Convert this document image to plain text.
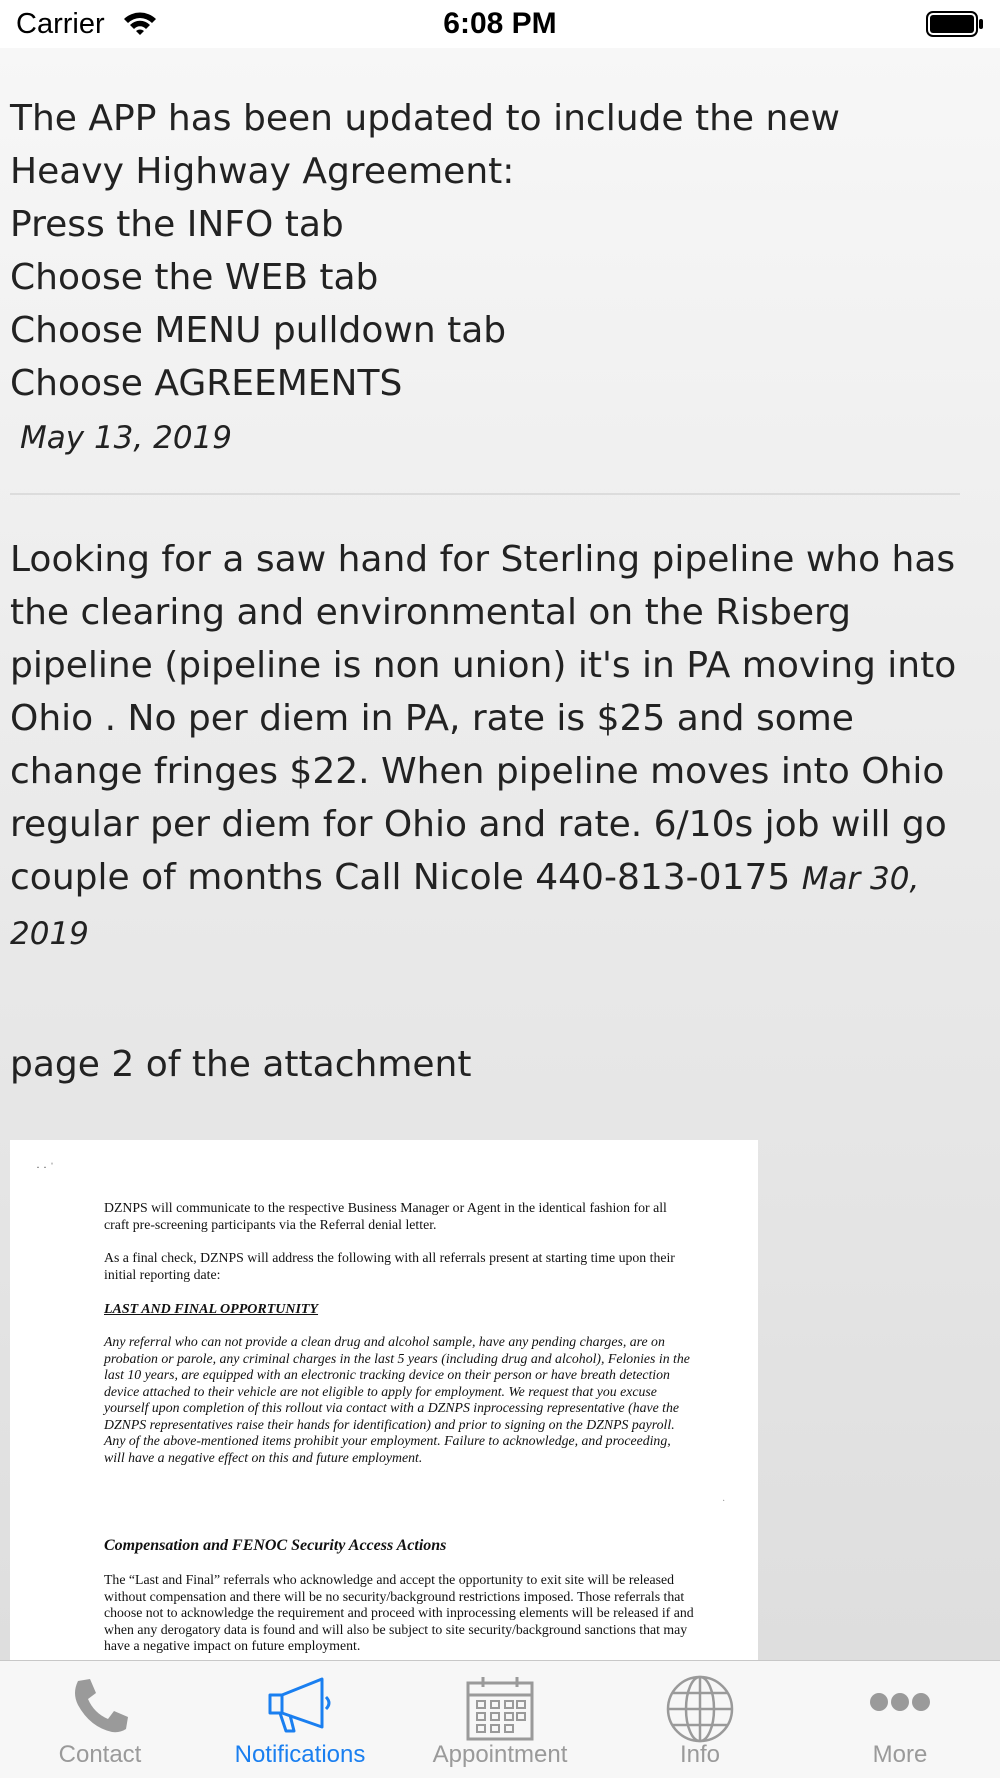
Carrier	6:08 PM
The APP has been updated to include the new
Heavy Highway Agreement:
Press the INFO tab
Choose the WEB tab
Choose MENU pulldown tab
Choose AGREEMENTS
May 13, 2019

Looking for a saw hand for Sterling pipeline who has the clearing and environmental on the Risberg pipeline (pipeline is non union) it's in PA moving into Ohio . No per diem in PA, rate is $25 and some change fringes $22. When pipeline moves into Ohio regular per diem for Ohio and rate. 6/10s job will go couple of months Call Nicole 440-813-0175 Mar 30, 2019

page 2 of the attachment
· · ˈ
DZNPS will communicate to the respective Business Manager or Agent in the identical fashion for all craft pre-screening participants via the Referral denial letter.
As a final check, DZNPS will address the following with all referrals present at starting time upon their initial reporting date:
LAST AND FINAL OPPORTUNITY
Any referral who can not provide a clean drug and alcohol sample, have any pending charges, are on probation or parole, any criminal charges in the last 5 years (including drug and alcohol), Felonies in the last 10 years, are equipped with an electronic tracking device on their person or have breath detection device attached to their vehicle are not eligible to apply for employment. We request that you excuse yourself upon completion of this rollout via contact with a DZNPS inprocessing representative (have the DZNPS representatives raise their hands for identification) and prior to signing on the DZNPS payroll. Any of the above-mentioned items prohibit your employment. Failure to acknowledge, and proceeding, will have a negative effect on this and future employment.
·
Compensation and FENOC Security Access Actions
The “Last and Final” referrals who acknowledge and accept the opportunity to exit site will be released without compensation and there will be no security/background restrictions imposed. Those referrals that choose not to acknowledge the requirement and proceed with inprocessing elements will be released if and when any derogatory data is found and will also be subject to site security/background sanctions that may have a negative impact on future employment.
Contact	Notifications	Appointment	Info	More
